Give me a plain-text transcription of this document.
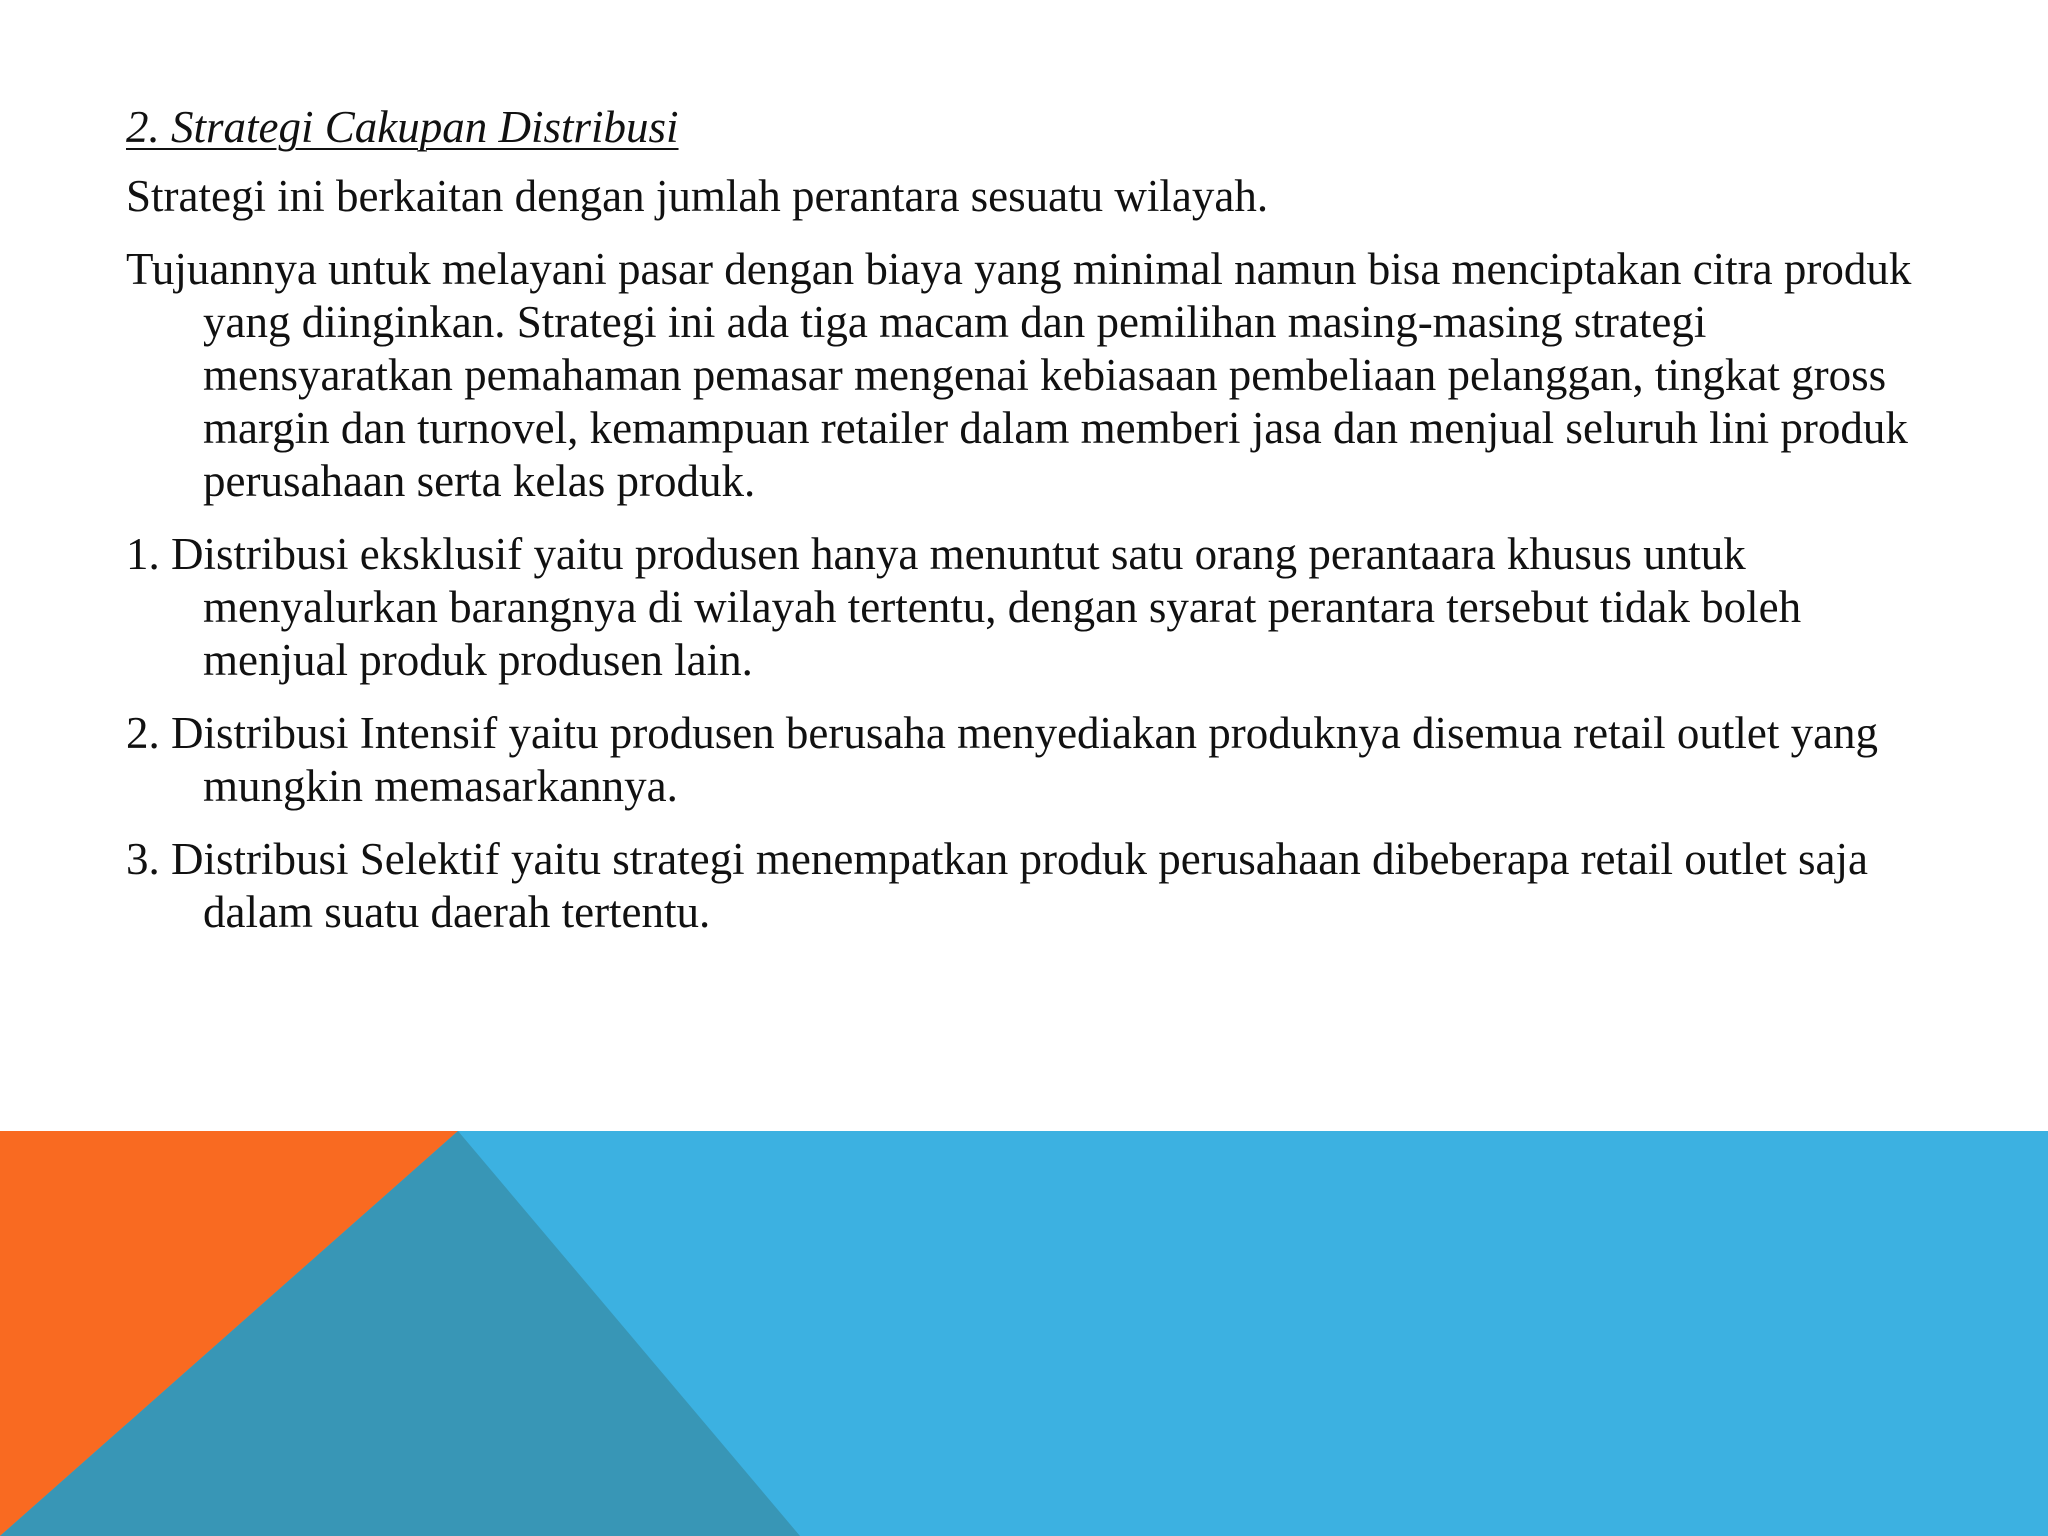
2. Strategi Cakupan Distribusi

Strategi ini berkaitan dengan jumlah perantara sesuatu wilayah.

Tujuannya untuk melayani pasar dengan biaya yang minimal namun bisa menciptakan citra produk yang diinginkan. Strategi ini ada tiga macam dan pemilihan masing-masing strategi mensyaratkan pemahaman pemasar mengenai kebiasaan pembeliaan pelanggan, tingkat gross margin dan turnovel, kemampuan retailer dalam memberi jasa dan menjual seluruh lini produk perusahaan serta kelas produk.

1. Distribusi eksklusif yaitu produsen hanya menuntut satu orang perantaara khusus untuk menyalurkan barangnya di wilayah tertentu, dengan syarat perantara tersebut tidak boleh menjual produk produsen lain.

2. Distribusi Intensif yaitu produsen berusaha menyediakan produknya disemua retail outlet yang mungkin memasarkannya.

3. Distribusi Selektif yaitu strategi menempatkan produk perusahaan dibeberapa retail outlet saja dalam suatu daerah tertentu.
